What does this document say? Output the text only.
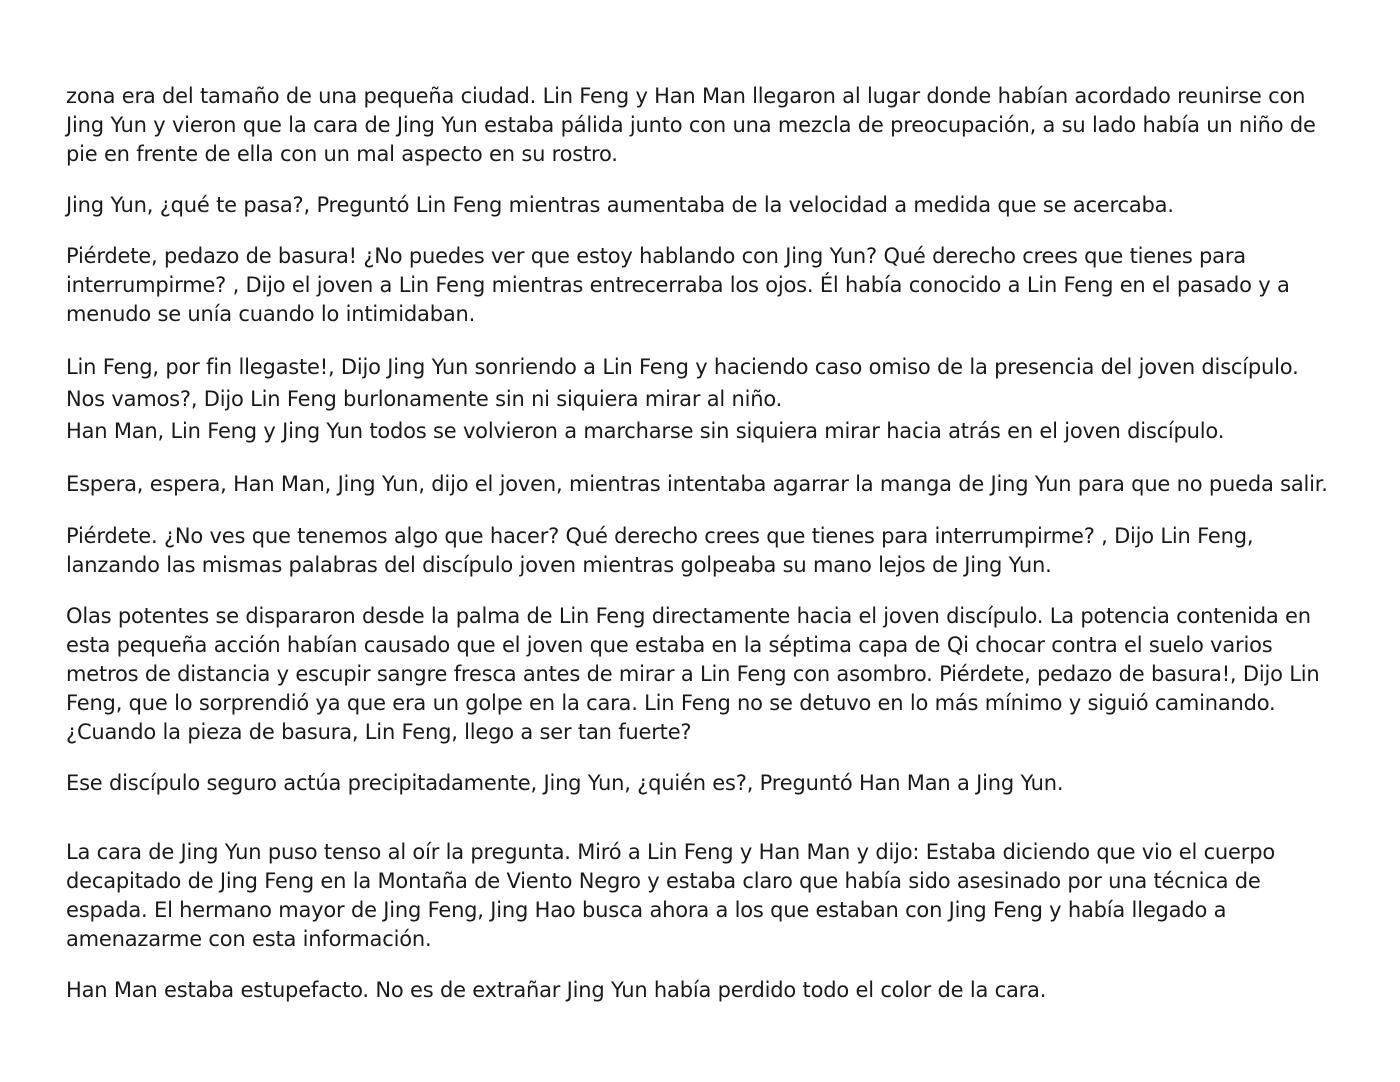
zona era del tamaño de una pequeña ciudad. Lin Feng y Han Man llegaron al lugar donde habían acordado reunirse con Jing Yun y vieron que la cara de Jing Yun estaba pálida junto con una mezcla de preocupación, a su lado había un niño de pie en frente de ella con un mal aspecto en su rostro.

Jing Yun, ¿qué te pasa?, Preguntó Lin Feng mientras aumentaba de la velocidad a medida que se acercaba.

Piérdete, pedazo de basura! ¿No puedes ver que estoy hablando con Jing Yun? Qué derecho crees que tienes para interrumpirme? , Dijo el joven a Lin Feng mientras entrecerraba los ojos. Él había conocido a Lin Feng en el pasado y a menudo se unía cuando lo intimidaban.

Lin Feng, por fin llegaste!, Dijo Jing Yun sonriendo a Lin Feng y haciendo caso omiso de la presencia del joven discípulo. Nos vamos?, Dijo Lin Feng burlonamente sin ni siquiera mirar al niño.

Han Man, Lin Feng y Jing Yun todos se volvieron a marcharse sin siquiera mirar hacia atrás en el joven discípulo.

Espera, espera, Han Man, Jing Yun, dijo el joven, mientras intentaba agarrar la manga de Jing Yun para que no pueda salir.

Piérdete. ¿No ves que tenemos algo que hacer? Qué derecho crees que tienes para interrumpirme? , Dijo Lin Feng, lanzando las mismas palabras del discípulo joven mientras golpeaba su mano lejos de Jing Yun.

Olas potentes se dispararon desde la palma de Lin Feng directamente hacia el joven discípulo. La potencia contenida en esta pequeña acción habían causado que el joven que estaba en la séptima capa de Qi chocar contra el suelo varios metros de distancia y escupir sangre fresca antes de mirar a Lin Feng con asombro. Piérdete, pedazo de basura!, Dijo Lin Feng, que lo sorprendió ya que era un golpe en la cara. Lin Feng no se detuvo en lo más mínimo y siguió caminando. ¿Cuando la pieza de basura, Lin Feng, llego a ser tan fuerte?

Ese discípulo seguro actúa precipitadamente, Jing Yun, ¿quién es?, Preguntó Han Man a Jing Yun.

La cara de Jing Yun puso tenso al oír la pregunta. Miró a Lin Feng y Han Man y dijo: Estaba diciendo que vio el cuerpo decapitado de Jing Feng en la Montaña de Viento Negro y estaba claro que había sido asesinado por una técnica de espada. El hermano mayor de Jing Feng, Jing Hao busca ahora a los que estaban con Jing Feng y había llegado a amenazarme con esta información.

Han Man estaba estupefacto. No es de extrañar Jing Yun había perdido todo el color de la cara.
